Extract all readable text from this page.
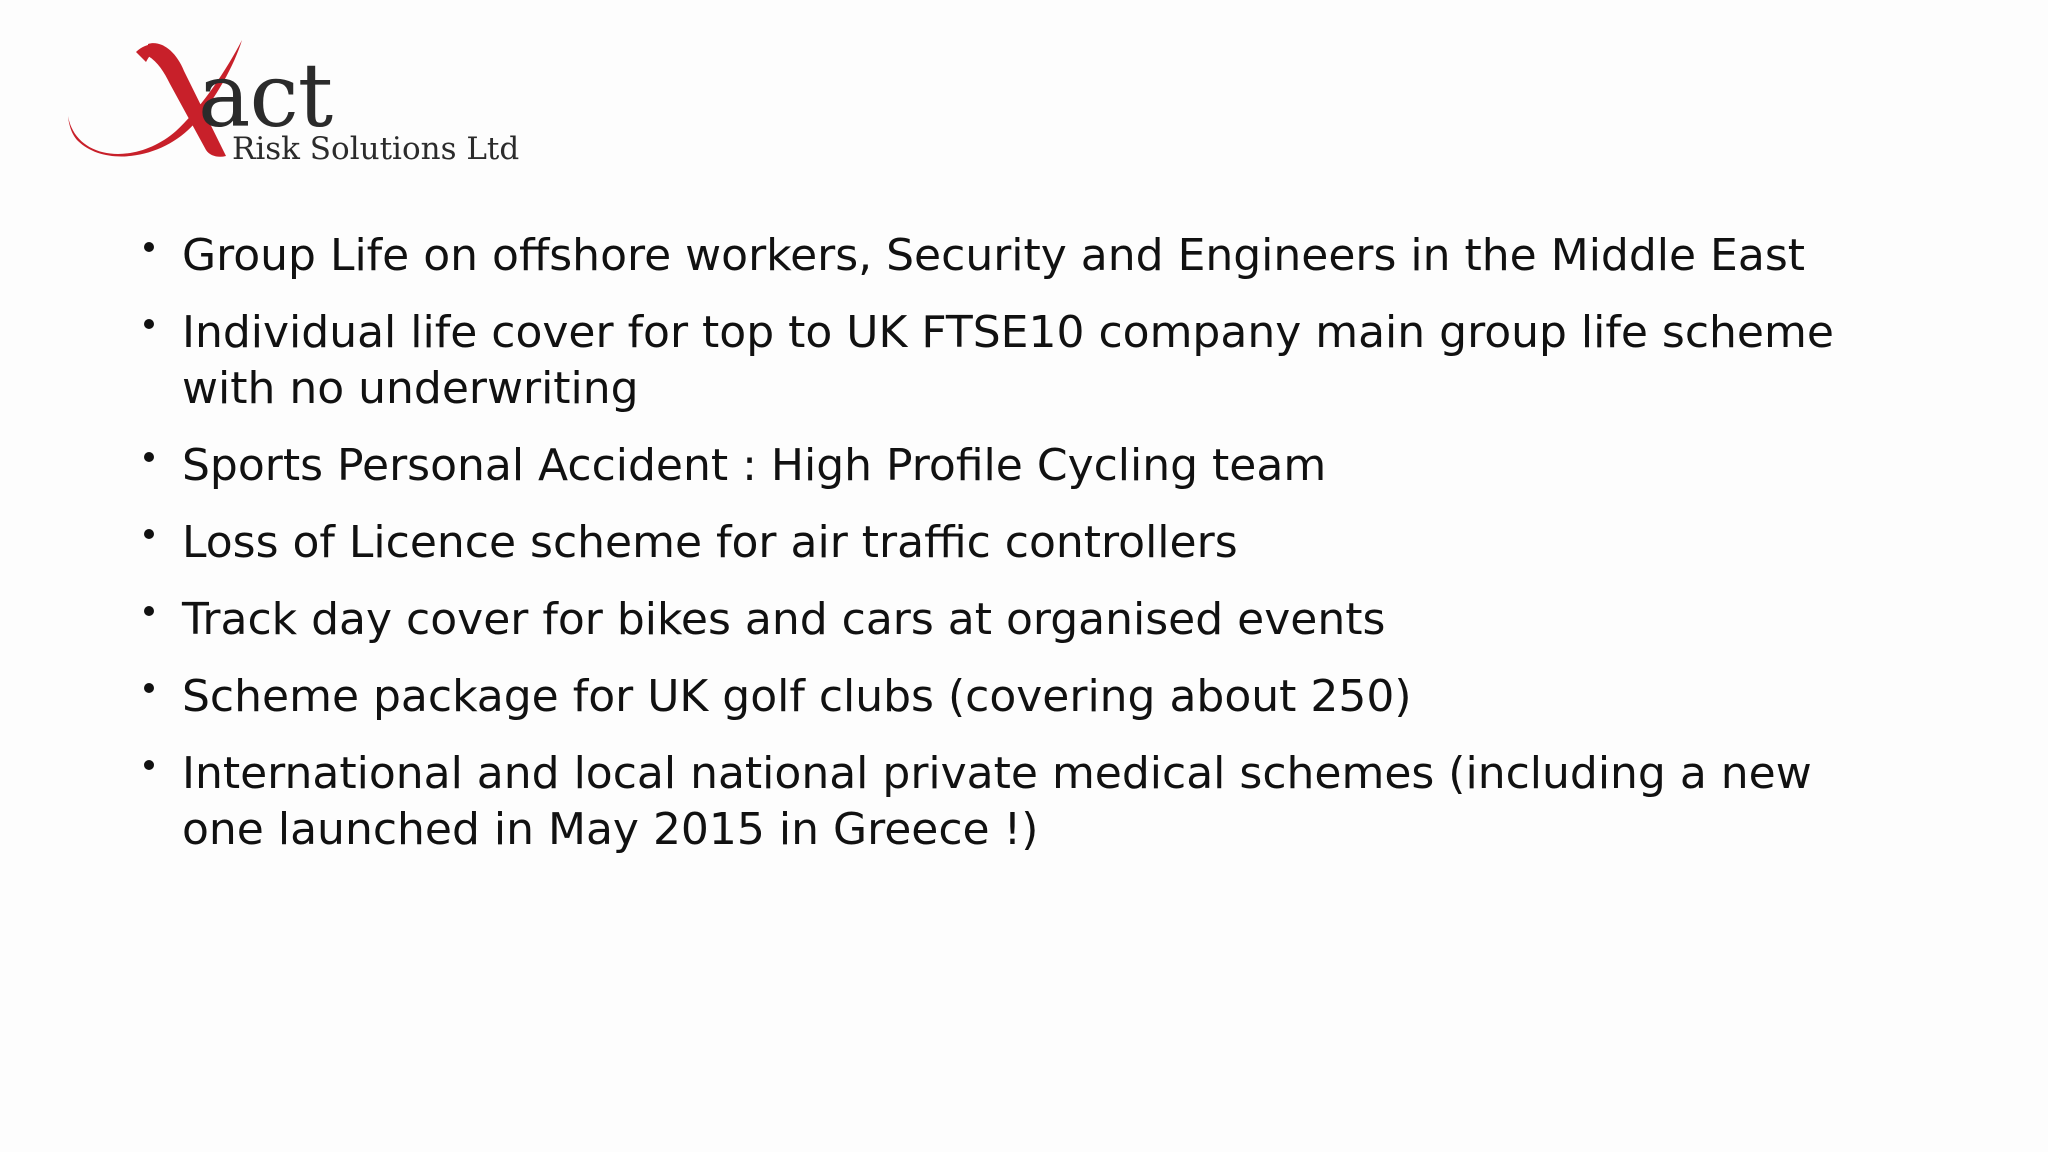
act
Risk Solutions Ltd
Group Life on offshore workers, Security and Engineers in the Middle East
Individual life cover for top to UK FTSE10 company main group life scheme with no underwriting
Sports Personal Accident : High Profile Cycling team
Loss of Licence scheme for air traffic controllers
Track day cover for bikes and cars at organised events
Scheme package for UK golf clubs (covering about 250)
International and local national private medical schemes (including a new one launched in May 2015 in Greece !)
